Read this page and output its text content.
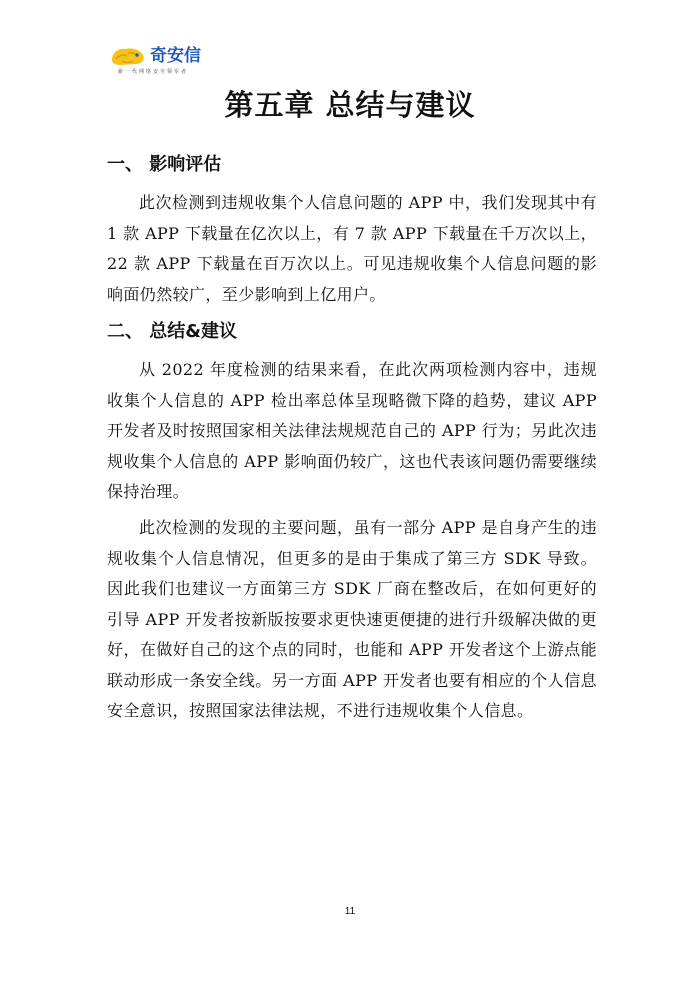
奇安信
新一代网络安全领军者
第五章 总结与建议
一、 影响评估

此次检测到违规收集个人信息问题的 APP 中，我们发现其中有 1 款 APP 下载量在亿次以上，有 7 款 APP 下载量在千万次以上，22 款 APP 下载量在百万次以上。可见违规收集个人信息问题的影响面仍然较广，至少影响到上亿用户。

二、 总结&建议

从 2022 年度检测的结果来看，在此次两项检测内容中，违规收集个人信息的 APP 检出率总体呈现略微下降的趋势，建议 APP 开发者及时按照国家相关法律法规规范自己的 APP 行为；另此次违规收集个人信息的 APP 影响面仍较广，这也代表该问题仍需要继续保持治理。

此次检测的发现的主要问题，虽有一部分 APP 是自身产生的违规收集个人信息情况，但更多的是由于集成了第三方 SDK 导致。因此我们也建议一方面第三方 SDK 厂商在整改后，在如何更好的引导 APP 开发者按新版按要求更快速更便捷的进行升级解决做的更好，在做好自己的这个点的同时，也能和 APP 开发者这个上游点能联动形成一条安全线。另一方面 APP 开发者也要有相应的个人信息安全意识，按照国家法律法规，不进行违规收集个人信息。

11
